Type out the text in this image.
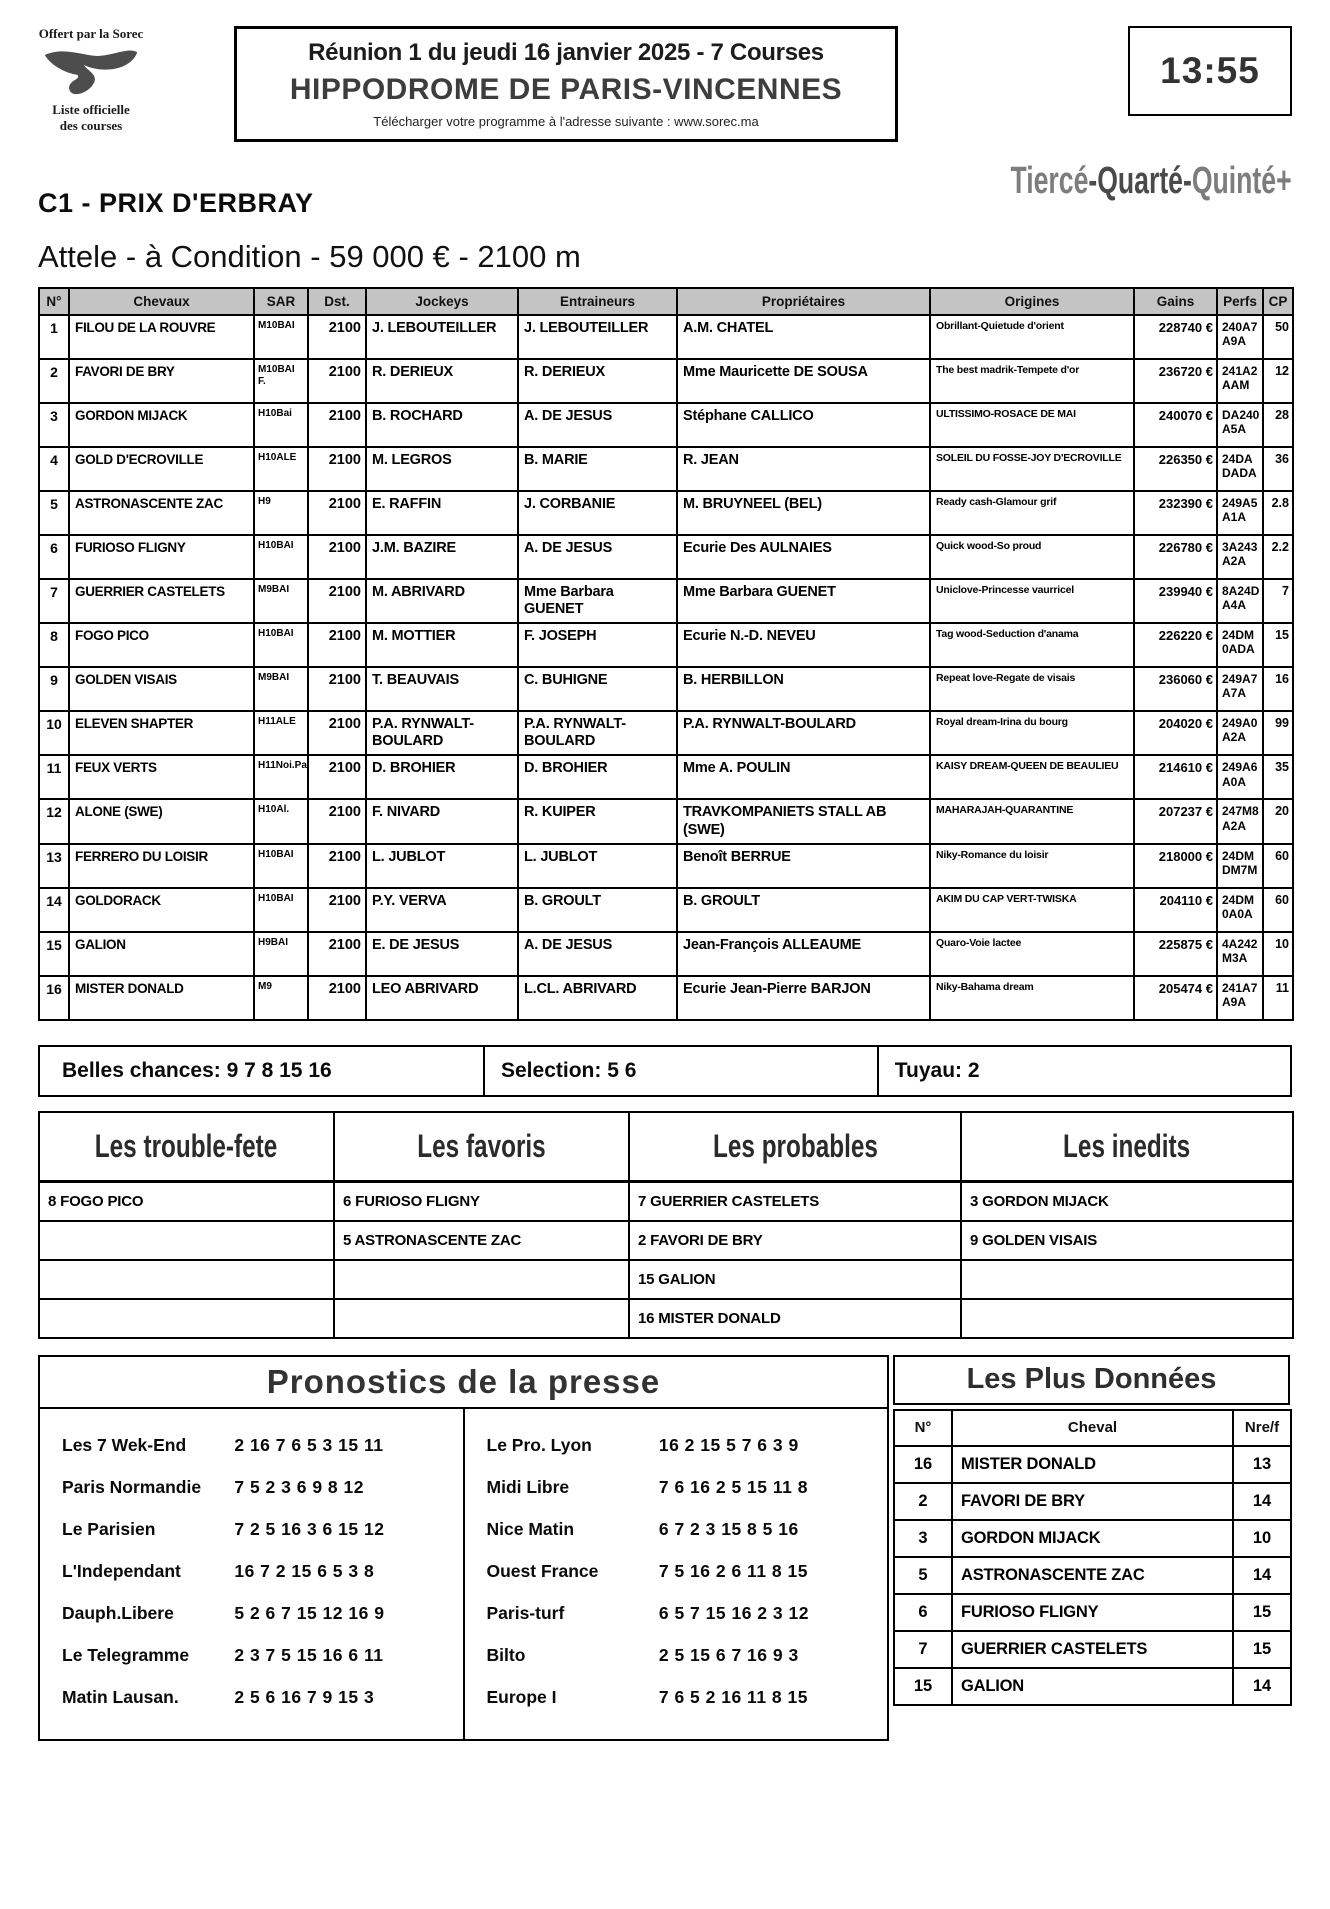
Offert par la Sorec
Liste officielle
des courses
Réunion 1 du jeudi 16 janvier 2025 - 7 Courses
HIPPODROME DE PARIS-VINCENNES
Télécharger votre programme à l'adresse suivante : www.sorec.ma
13:55
C1 - PRIX D'ERBRAY
Tiercé-Quarté-Quinté+
Attele - à Condition - 59 000 € - 2100 m
N°	Chevaux	SAR	Dst.	Jockeys	Entraineurs	Propriétaires	Origines	Gains	Perfs	CP
1	FILOU DE LA ROUVRE	M10BAI	2100	J. LEBOUTEILLER	J. LEBOUTEILLER	A.M. CHATEL	Obrillant-Quietude d'orient	228740 €	240A7A9A	50
2	FAVORI DE BRY	M10BAI F.	2100	R. DERIEUX	R. DERIEUX	Mme Mauricette DE SOUSA	The best madrik-Tempete d'or	236720 €	241A2AAM	12
3	GORDON MIJACK	H10Bai	2100	B. ROCHARD	A. DE JESUS	Stéphane CALLICO	ULTISSIMO-ROSACE DE MAI	240070 €	DA240A5A	28
4	GOLD D'ECROVILLE	H10ALE	2100	M. LEGROS	B. MARIE	R. JEAN	SOLEIL DU FOSSE-JOY D'ECROVILLE	226350 €	24DADADA	36
5	ASTRONASCENTE ZAC	H9	2100	E. RAFFIN	J. CORBANIE	M. BRUYNEEL (BEL)	Ready cash-Glamour grif	232390 €	249A5A1A	2.8
6	FURIOSO FLIGNY	H10BAI	2100	J.M. BAZIRE	A. DE JESUS	Ecurie Des AULNAIES	Quick wood-So proud	226780 €	3A243A2A	2.2
7	GUERRIER CASTELETS	M9BAI	2100	M. ABRIVARD	Mme Barbara GUENET	Mme Barbara GUENET	Uniclove-Princesse vaurricel	239940 €	8A24DA4A	7
8	FOGO PICO	H10BAI	2100	M. MOTTIER	F. JOSEPH	Ecurie N.-D. NEVEU	Tag wood-Seduction d'anama	226220 €	24DM0ADA	15
9	GOLDEN VISAIS	M9BAI	2100	T. BEAUVAIS	C. BUHIGNE	B. HERBILLON	Repeat love-Regate de visais	236060 €	249A7A7A	16
10	ELEVEN SHAPTER	H11ALE	2100	P.A. RYNWALT-BOULARD	P.A. RYNWALT-BOULARD	P.A. RYNWALT-BOULARD	Royal dream-Irina du bourg	204020 €	249A0A2A	99
11	FEUX VERTS	H11Noi.Pa	2100	D. BROHIER	D. BROHIER	Mme A. POULIN	KAISY DREAM-QUEEN DE BEAULIEU	214610 €	249A6A0A	35
12	ALONE (SWE)	H10Al.	2100	F. NIVARD	R. KUIPER	TRAVKOMPANIETS STALL AB (SWE)	MAHARAJAH-QUARANTINE	207237 €	247M8A2A	20
13	FERRERO DU LOISIR	H10BAI	2100	L. JUBLOT	L. JUBLOT	Benoît BERRUE	Niky-Romance du loisir	218000 €	24DMDM7M	60
14	GOLDORACK	H10BAI	2100	P.Y. VERVA	B. GROULT	B. GROULT	AKIM DU CAP VERT-TWISKA	204110 €	24DM0A0A	60
15	GALION	H9BAI	2100	E. DE JESUS	A. DE JESUS	Jean-François ALLEAUME	Quaro-Voie lactee	225875 €	4A242M3A	10
16	MISTER DONALD	M9	2100	LEO ABRIVARD	L.CL. ABRIVARD	Ecurie Jean-Pierre BARJON	Niky-Bahama dream	205474 €	241A7A9A	11
Belles chances: 9 7 8 15 16	Selection: 5 6	Tuyau: 2
Les trouble-fete	Les favoris	Les probables	Les inedits
8 FOGO PICO	6 FURIOSO FLIGNY	7 GUERRIER CASTELETS	3 GORDON MIJACK
	5 ASTRONASCENTE ZAC	2 FAVORI DE BRY	9 GOLDEN VISAIS
		15 GALION	
		16 MISTER DONALD	
Pronostics de la presse
Les 7 Wek-End	2 16 7 6 5 3 15 11
Paris Normandie	7 5 2 3 6 9 8 12
Le Parisien	7 2 5 16 3 6 15 12
L'Independant	16 7 2 15 6 5 3 8
Dauph.Libere	5 2 6 7 15 12 16 9
Le Telegramme	2 3 7 5 15 16 6 11
Matin Lausan.	2 5 6 16 7 9 15 3
Le Pro. Lyon	16 2 15 5 7 6 3 9
Midi Libre	7 6 16 2 5 15 11 8
Nice Matin	6 7 2 3 15 8 5 16
Ouest France	7 5 16 2 6 11 8 15
Paris-turf	6 5 7 15 16 2 3 12
Bilto	2 5 15 6 7 16 9 3
Europe I	7 6 5 2 16 11 8 15
Les Plus Données
N°	Cheval	Nre/f
16	MISTER DONALD	13
2	FAVORI DE BRY	14
3	GORDON MIJACK	10
5	ASTRONASCENTE ZAC	14
6	FURIOSO FLIGNY	15
7	GUERRIER CASTELETS	15
15	GALION	14
